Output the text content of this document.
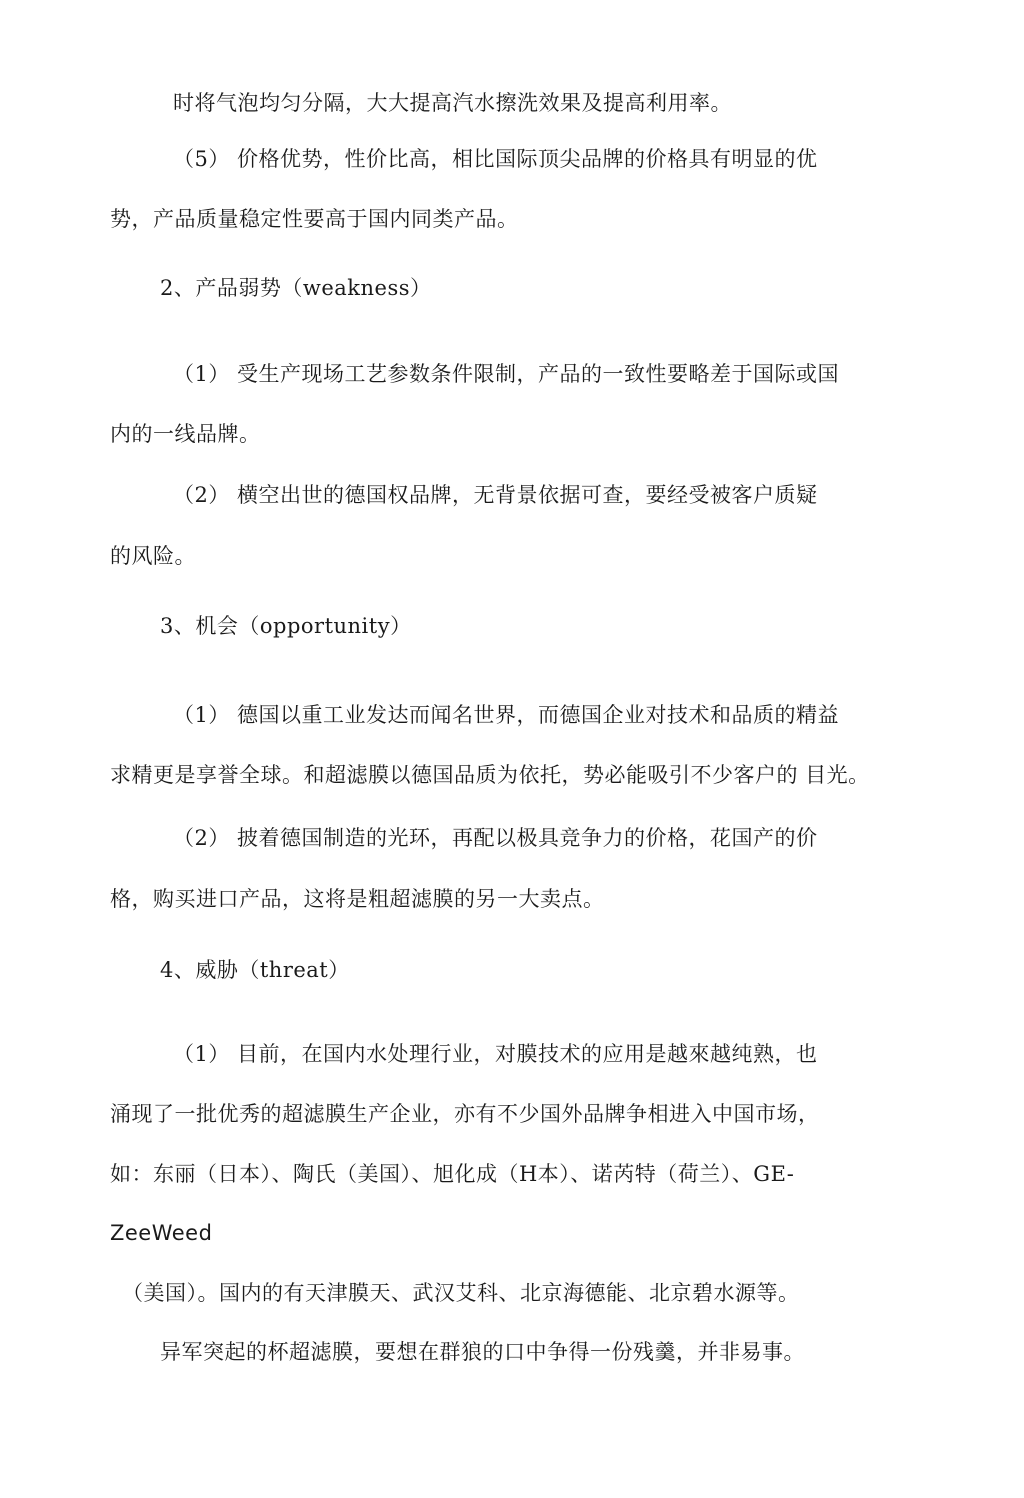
时将气泡均匀分隔，大大提高汽水擦洗效果及提高利用率。
（5） 价格优势，性价比高，相比国际顶尖品牌的价格具有明显的优
势，产品质量稳定性要高于国内同类产品。
2、产品弱势（weakness）
（1） 受生产现场工艺参数条件限制，产品的一致性要略差于国际或国
内的一线品牌。
（2） 横空出世的德国权品牌，无背景依据可查，要经受被客户质疑
的风险。
3、机会（opportunity）
（1） 德国以重工业发达而闻名世界，而德国企业对技术和品质的精益
求精更是享誉全球。和超滤膜以德国品质为依托，势必能吸引不少客户的 目光。
（2） 披着德国制造的光环，再配以极具竞争力的价格，花国产的价
格，购买进口产品，这将是粗超滤膜的另一大卖点。
4、威胁（threat）
（1） 目前，在国内水处理行业，对膜技术的应用是越來越纯熟，也
涌现了一批优秀的超滤膜生产企业，亦有不少国外品牌争相进入中国市场，
如：东丽（日本）、陶氏（美国）、旭化成（H本）、诺芮特（荷兰）、GE-
ZeeWeed
（美国）。国内的有天津膜天、武汉艾科、北京海德能、北京碧水源等。
异军突起的杯超滤膜，要想在群狼的口中争得一份残羹，并非易事。
